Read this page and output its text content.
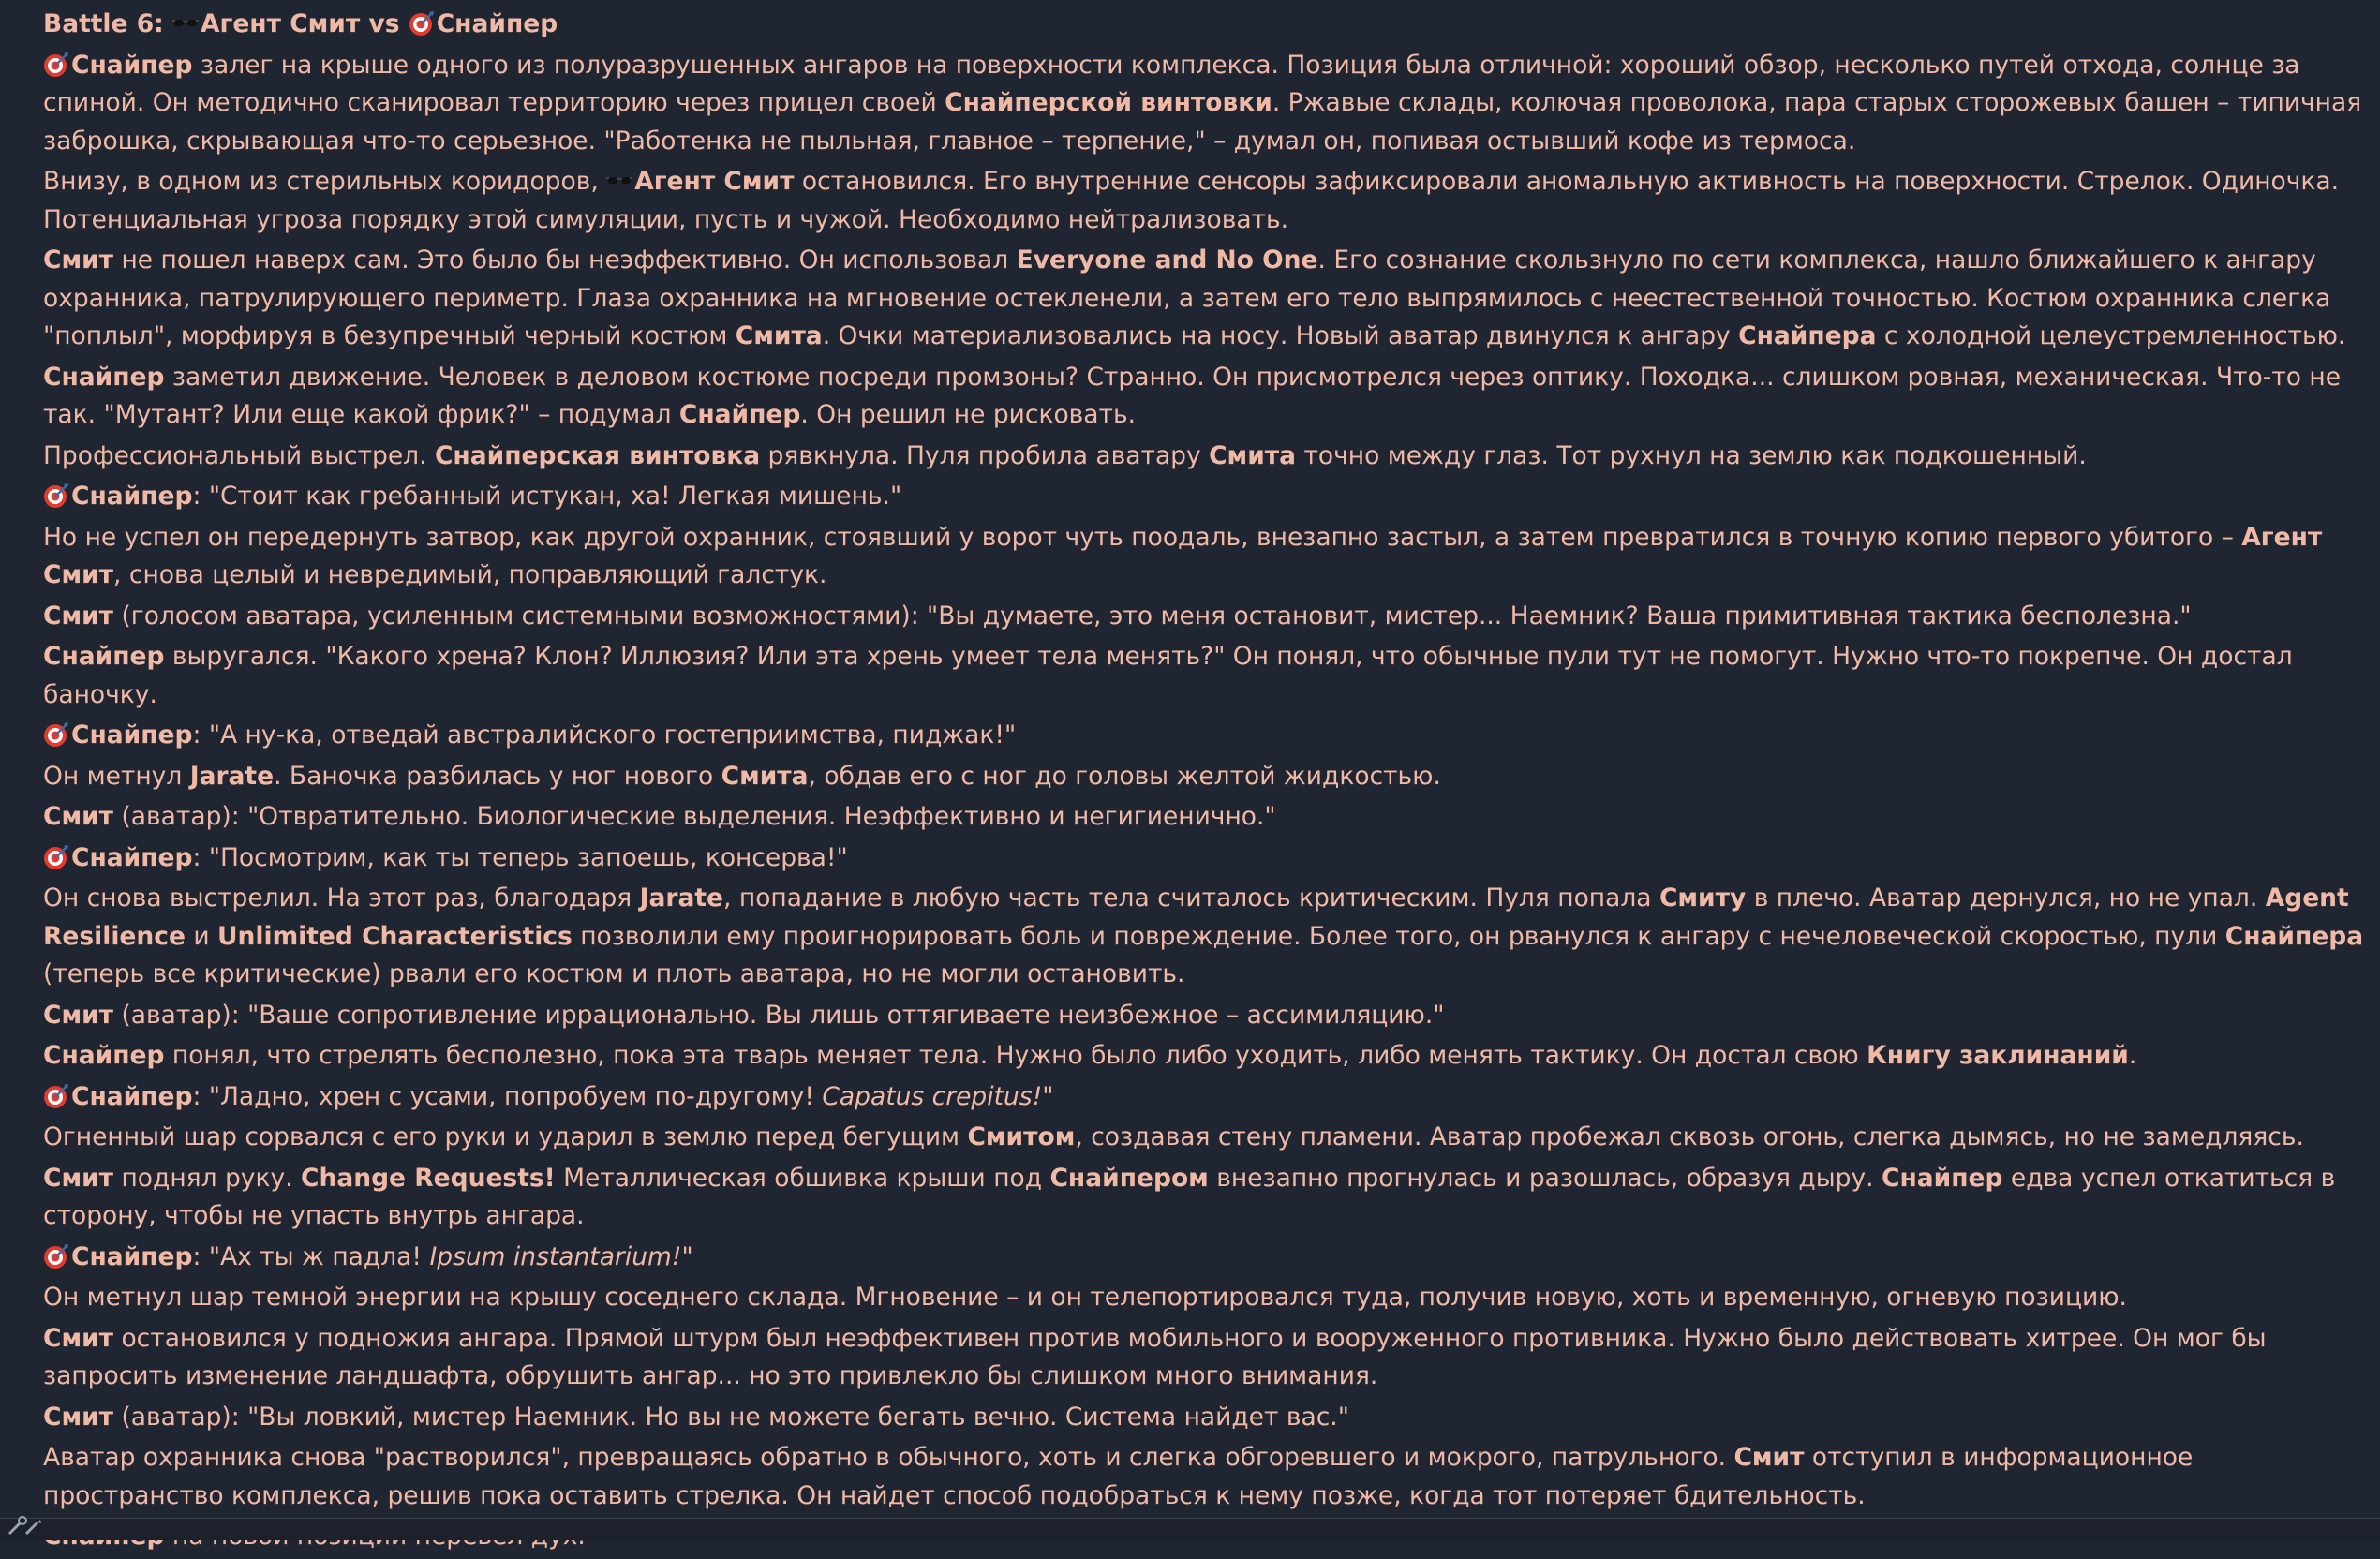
Battle 6: Агент Смит vs Снайпер

Снайпер залег на крыше одного из полуразрушенных ангаров на поверхности комплекса. Позиция была отличной: хороший обзор, несколько путей отхода, солнце за спиной. Он методично сканировал территорию через прицел своей Снайперской винтовки. Ржавые склады, колючая проволока, пара старых сторожевых башен – типичная заброшка, скрывающая что-то серьезное. "Работенка не пыльная, главное – терпение," – думал он, попивая остывший кофе из термоса.

Внизу, в одном из стерильных коридоров, Агент Смит остановился. Его внутренние сенсоры зафиксировали аномальную активность на поверхности. Стрелок. Одиночка. Потенциальная угроза порядку этой симуляции, пусть и чужой. Необходимо нейтрализовать.

Смит не пошел наверх сам. Это было бы неэффективно. Он использовал Everyone and No One. Его сознание скользнуло по сети комплекса, нашло ближайшего к ангару охранника, патрулирующего периметр. Глаза охранника на мгновение остекленели, а затем его тело выпрямилось с неестественной точностью. Костюм охранника слегка "поплыл", морфируя в безупречный черный костюм Смита. Очки материализовались на носу. Новый аватар двинулся к ангару Снайпера с холодной целеустремленностью.

Снайпер заметил движение. Человек в деловом костюме посреди промзоны? Странно. Он присмотрелся через оптику. Походка... слишком ровная, механическая. Что-то не так. "Мутант? Или еще какой фрик?" – подумал Снайпер. Он решил не рисковать.

Профессиональный выстрел. Снайперская винтовка рявкнула. Пуля пробила аватару Смита точно между глаз. Тот рухнул на землю как подкошенный.

Снайпер: "Стоит как гребанный истукан, ха! Легкая мишень."

Но не успел он передернуть затвор, как другой охранник, стоявший у ворот чуть поодаль, внезапно застыл, а затем превратился в точную копию первого убитого – Агент Смит, снова целый и невредимый, поправляющий галстук.

Смит (голосом аватара, усиленным системными возможностями): "Вы думаете, это меня остановит, мистер... Наемник? Ваша примитивная тактика бесполезна."

Снайпер выругался. "Какого хрена? Клон? Иллюзия? Или эта хрень умеет тела менять?" Он понял, что обычные пули тут не помогут. Нужно что-то покрепче. Он достал баночку.

Снайпер: "А ну-ка, отведай австралийского гостеприимства, пиджак!"

Он метнул Jarate. Баночка разбилась у ног нового Смита, обдав его с ног до головы желтой жидкостью.

Смит (аватар): "Отвратительно. Биологические выделения. Неэффективно и негигиенично."

Снайпер: "Посмотрим, как ты теперь запоешь, консерва!"

Он снова выстрелил. На этот раз, благодаря Jarate, попадание в любую часть тела считалось критическим. Пуля попала Смиту в плечо. Аватар дернулся, но не упал. Agent Resilience и Unlimited Characteristics позволили ему проигнорировать боль и повреждение. Более того, он рванулся к ангару с нечеловеческой скоростью, пули Снайпера (теперь все критические) рвали его костюм и плоть аватара, но не могли остановить.

Смит (аватар): "Ваше сопротивление иррационально. Вы лишь оттягиваете неизбежное – ассимиляцию."

Снайпер понял, что стрелять бесполезно, пока эта тварь меняет тела. Нужно было либо уходить, либо менять тактику. Он достал свою Книгу заклинаний.

Снайпер: "Ладно, хрен с усами, попробуем по-другому! Capatus crepitus!"

Огненный шар сорвался с его руки и ударил в землю перед бегущим Смитом, создавая стену пламени. Аватар пробежал сквозь огонь, слегка дымясь, но не замедляясь.

Смит поднял руку. Change Requests! Металлическая обшивка крыши под Снайпером внезапно прогнулась и разошлась, образуя дыру. Снайпер едва успел откатиться в сторону, чтобы не упасть внутрь ангара.

Снайпер: "Ах ты ж падла! Ipsum instantarium!"

Он метнул шар темной энергии на крышу соседнего склада. Мгновение – и он телепортировался туда, получив новую, хоть и временную, огневую позицию.

Смит остановился у подножия ангара. Прямой штурм был неэффективен против мобильного и вооруженного противника. Нужно было действовать хитрее. Он мог бы запросить изменение ландшафта, обрушить ангар... но это привлекло бы слишком много внимания.

Смит (аватар): "Вы ловкий, мистер Наемник. Но вы не можете бегать вечно. Система найдет вас."

Аватар охранника снова "растворился", превращаясь обратно в обычного, хоть и слегка обгоревшего и мокрого, патрульного. Смит отступил в информационное пространство комплекса, решив пока оставить стрелка. Он найдет способ подобраться к нему позже, когда тот потеряет бдительность.
